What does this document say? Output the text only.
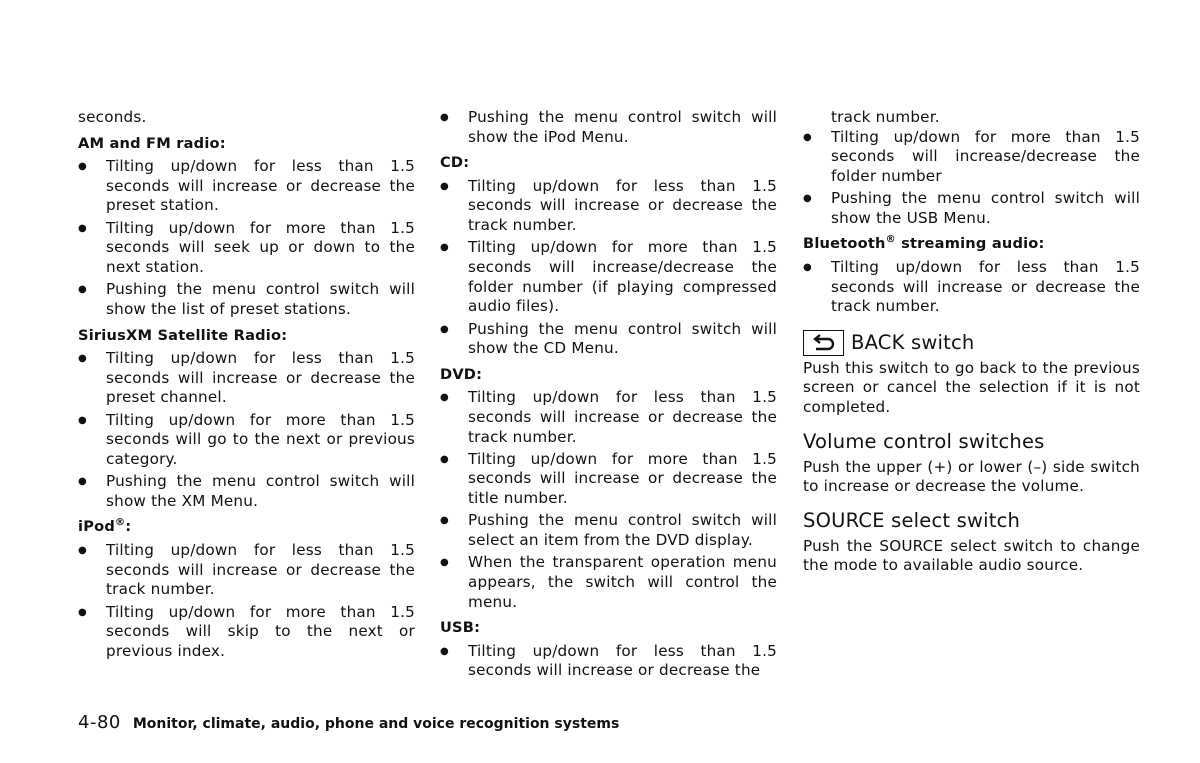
seconds.

AM and FM radio:

● Tilting up/down for less than 1.5 seconds will increase or decrease the preset station.
● Tilting up/down for more than 1.5 seconds will seek up or down to the next station.
● Pushing the menu control switch will show the list of preset stations.

SiriusXM Satellite Radio:

● Tilting up/down for less than 1.5 seconds will increase or decrease the preset channel.
● Tilting up/down for more than 1.5 seconds will go to the next or previous category.
● Pushing the menu control switch will show the XM Menu.

iPod®:

● Tilting up/down for less than 1.5 seconds will increase or decrease the track number.
● Tilting up/down for more than 1.5 seconds will skip to the next or previous index.
● Pushing the menu control switch will show the iPod Menu.

CD:

● Tilting up/down for less than 1.5 seconds will increase or decrease the track number.
● Tilting up/down for more than 1.5 seconds will increase/decrease the folder number (if playing compressed audio files).
● Pushing the menu control switch will show the CD Menu.

DVD:

● Tilting up/down for less than 1.5 seconds will increase or decrease the track number.
● Tilting up/down for more than 1.5 seconds will increase or decrease the title number.
● Pushing the menu control switch will select an item from the DVD display.
● When the transparent operation menu appears, the switch will control the menu.

USB:

● Tilting up/down for less than 1.5 seconds will increase or decrease the

track number.

● Tilting up/down for more than 1.5 seconds will increase/decrease the folder number
● Pushing the menu control switch will show the USB Menu.

Bluetooth® streaming audio:

● Tilting up/down for less than 1.5 seconds will increase or decrease the track number.

BACK switch

Push this switch to go back to the previous screen or cancel the selection if it is not completed.

Volume control switches

Push the upper (+) or lower (–) side switch to increase or decrease the volume.

SOURCE select switch

Push the SOURCE select switch to change the mode to available audio source.

4-80 Monitor, climate, audio, phone and voice recognition systems
